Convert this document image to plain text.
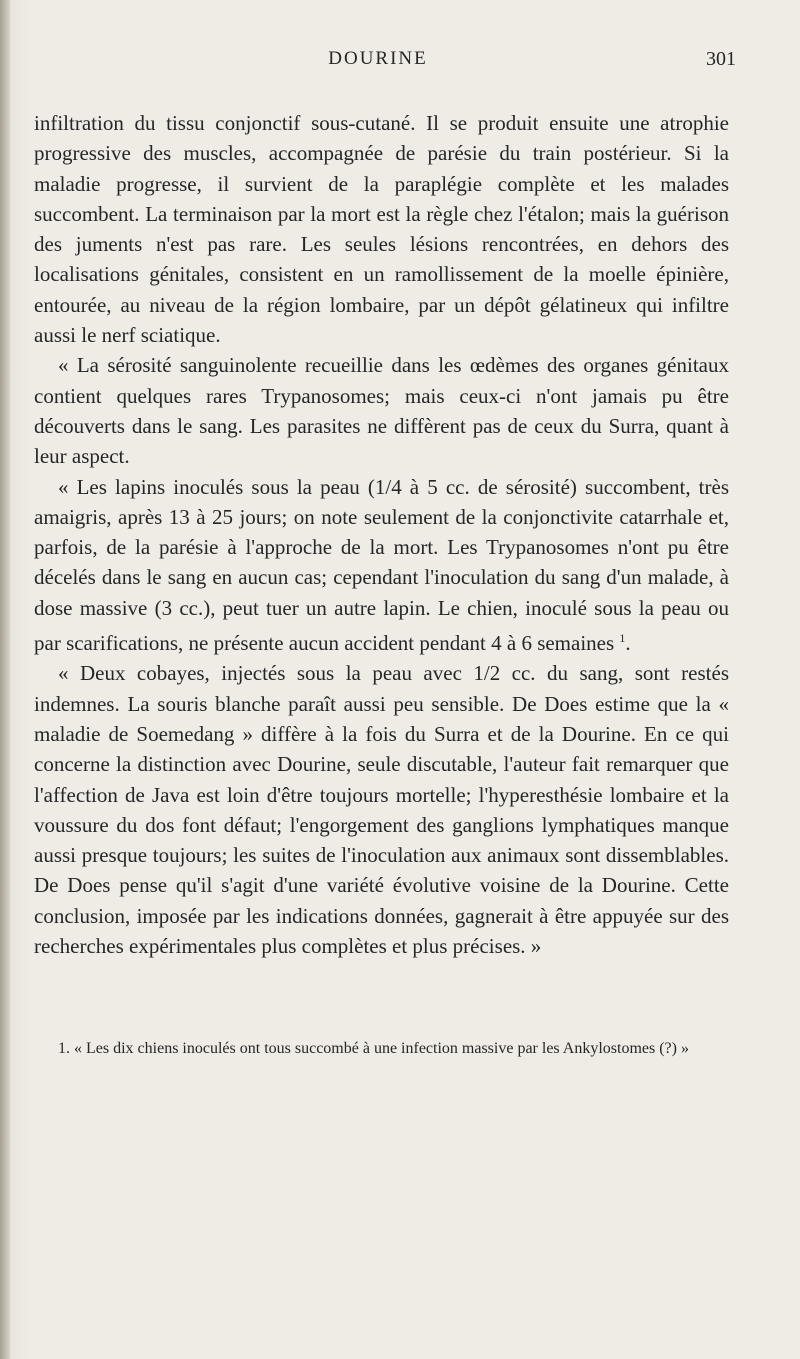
DOURINE	301

infiltration du tissu conjonctif sous-cutané. Il se produit ensuite une atrophie progressive des muscles, accompagnée de parésie du train postérieur. Si la maladie progresse, il survient de la paraplégie complète et les malades succombent. La terminaison par la mort est la règle chez l'étalon; mais la guérison des juments n'est pas rare. Les seules lésions rencontrées, en dehors des localisations génitales, consistent en un ramollissement de la moelle épinière, entourée, au niveau de la région lombaire, par un dépôt gélatineux qui infiltre aussi le nerf sciatique.

« La sérosité sanguinolente recueillie dans les œdèmes des organes génitaux contient quelques rares Trypanosomes; mais ceux-ci n'ont jamais pu être découverts dans le sang. Les parasites ne diffèrent pas de ceux du Surra, quant à leur aspect.

« Les lapins inoculés sous la peau (1/4 à 5 cc. de sérosité) succombent, très amaigris, après 13 à 25 jours; on note seulement de la conjonctivite catarrhale et, parfois, de la parésie à l'approche de la mort. Les Trypanosomes n'ont pu être décelés dans le sang en aucun cas; cependant l'inoculation du sang d'un malade, à dose massive (3 cc.), peut tuer un autre lapin. Le chien, inoculé sous la peau ou par scarifications, ne présente aucun accident pendant 4 à 6 semaines $^1$.

« Deux cobayes, injectés sous la peau avec 1/2 cc. du sang, sont restés indemnes. La souris blanche paraît aussi peu sensible. De Does estime que la « maladie de Soemedang » diffère à la fois du Surra et de la Dourine. En ce qui concerne la distinction avec Dourine, seule discutable, l'auteur fait remarquer que l'affection de Java est loin d'être toujours mortelle; l'hyperesthésie lombaire et la voussure du dos font défaut; l'engorgement des ganglions lymphatiques manque aussi presque toujours; les suites de l'inoculation aux animaux sont dissemblables. De Does pense qu'il s'agit d'une variété évolutive voisine de la Dourine. Cette conclusion, imposée par les indications données, gagnerait à être appuyée sur des recherches expérimentales plus complètes et plus précises. »

1. « Les dix chiens inoculés ont tous succombé à une infection massive par les Ankylostomes (?) »
